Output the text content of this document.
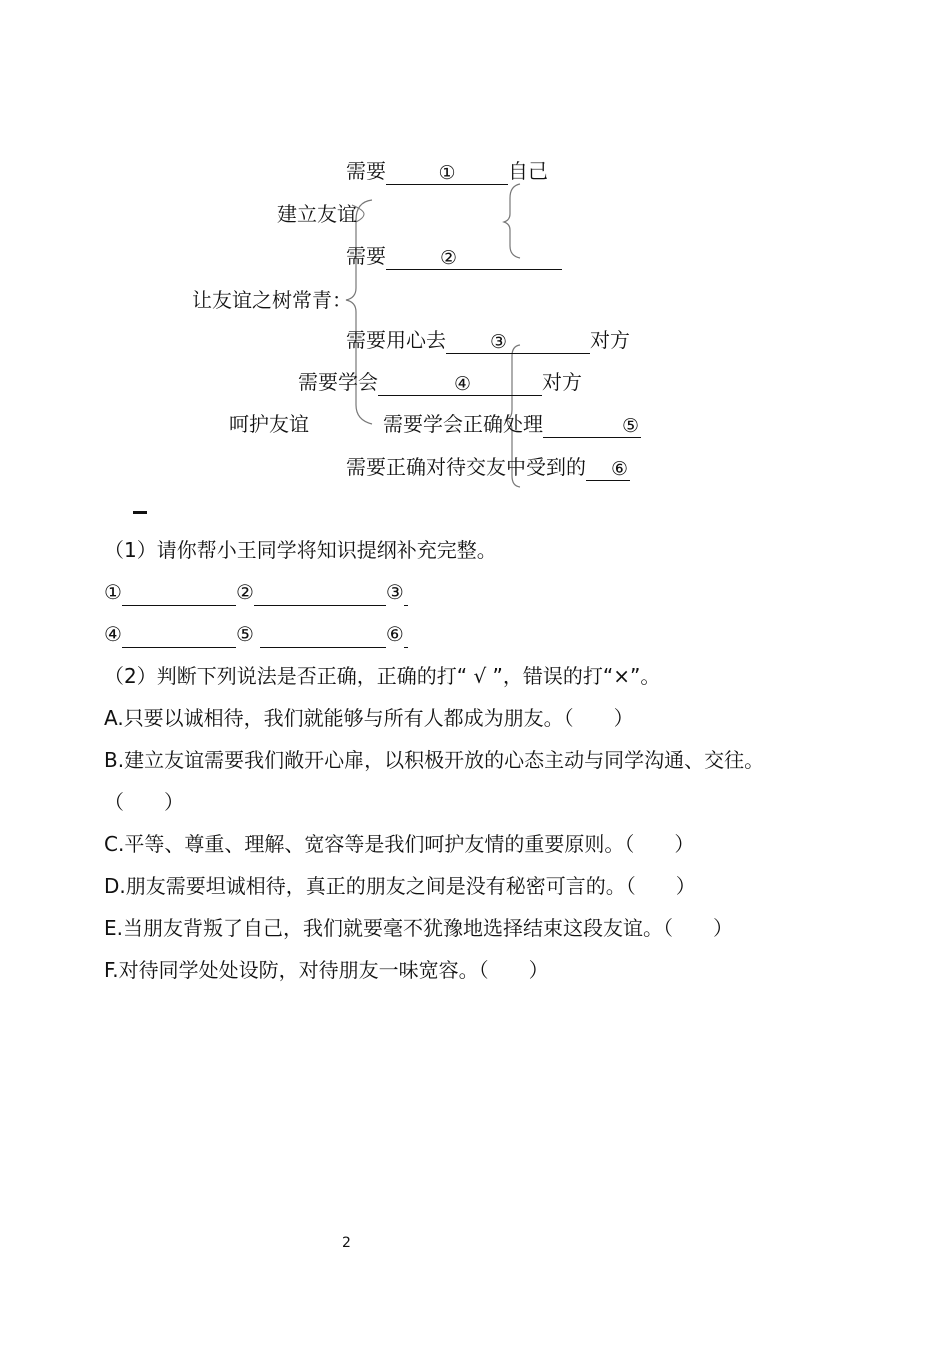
让友谊之树常青：
建立友谊
呵护友谊
需要	①	自己
需要	②
需要用心去 ③	对方
需要学会	④	对方
需要学会正确处理	⑤
需要正确对待交友中受到的 ⑥
（1）请你帮小王同学将知识提纲补充完整。
①	②	③
④	⑤	⑥
（2）判断下列说法是否正确，正确的打“ √ ”，错误的打“×”。
A.只要以诚相待，我们就能够与所有人都成为朋友。（　　）
B.建立友谊需要我们敞开心扉，以积极开放的心态主动与同学沟通、交往。
（　　）
C.平等、尊重、理解、宽容等是我们呵护友情的重要原则。（　　）
D.朋友需要坦诚相待，真正的朋友之间是没有秘密可言的。（　　）
E.当朋友背叛了自己，我们就要毫不犹豫地选择结束这段友谊。（　　）
F.对待同学处处设防，对待朋友一味宽容。（　　）
2
